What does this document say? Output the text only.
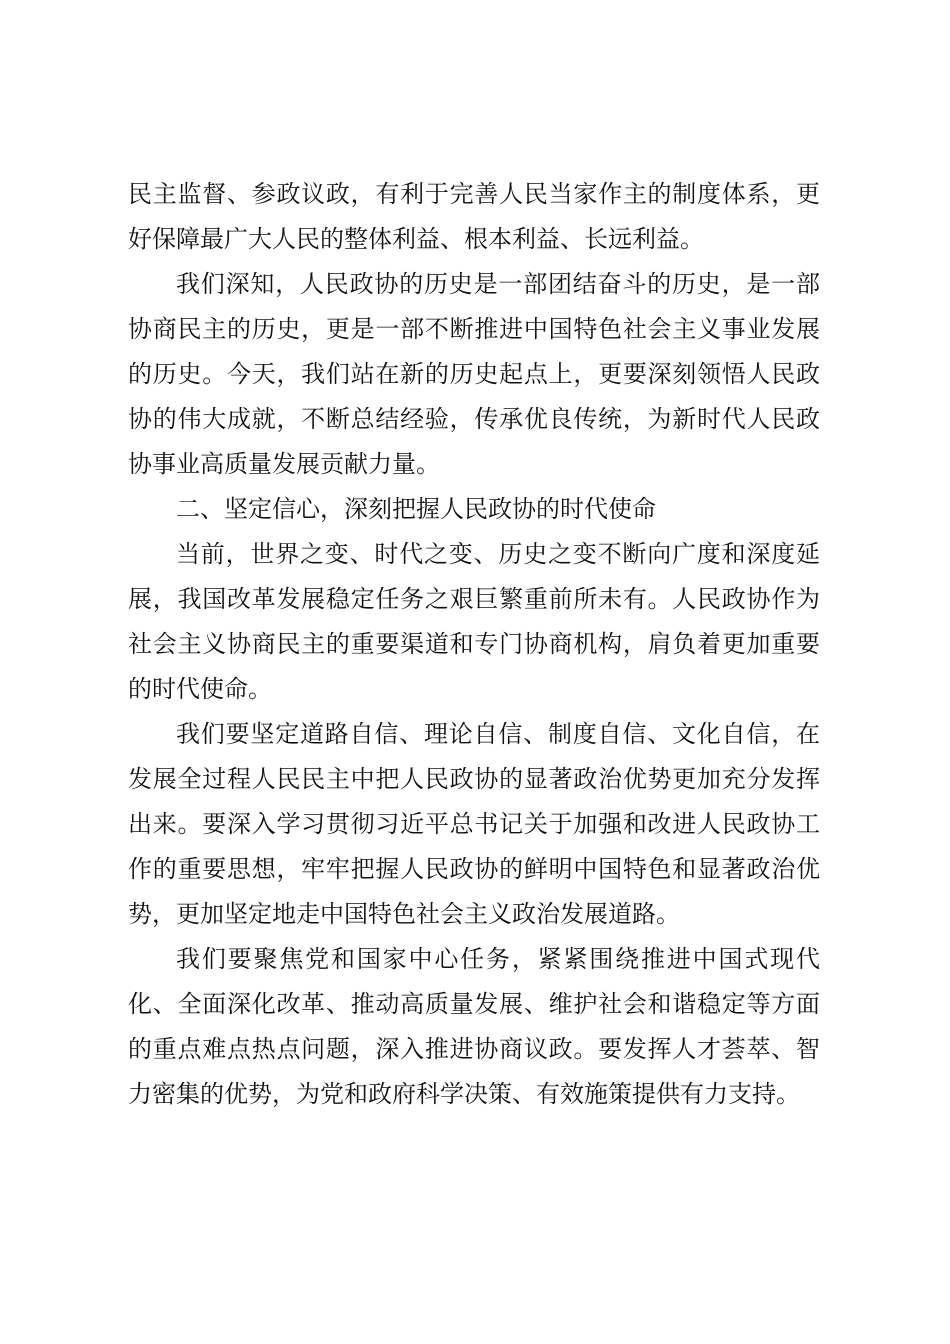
民主监督、参政议政，有利于完善人民当家作主的制度体系，更好保障最广大人民的整体利益、根本利益、长远利益。

我们深知，人民政协的历史是一部团结奋斗的历史，是一部协商民主的历史，更是一部不断推进中国特色社会主义事业发展的历史。今天，我们站在新的历史起点上，更要深刻领悟人民政协的伟大成就，不断总结经验，传承优良传统，为新时代人民政协事业高质量发展贡献力量。

二、坚定信心，深刻把握人民政协的时代使命

当前，世界之变、时代之变、历史之变不断向广度和深度延展，我国改革发展稳定任务之艰巨繁重前所未有。人民政协作为社会主义协商民主的重要渠道和专门协商机构，肩负着更加重要的时代使命。

我们要坚定道路自信、理论自信、制度自信、文化自信，在发展全过程人民民主中把人民政协的显著政治优势更加充分发挥出来。要深入学习贯彻习近平总书记关于加强和改进人民政协工作的重要思想，牢牢把握人民政协的鲜明中国特色和显著政治优势，更加坚定地走中国特色社会主义政治发展道路。

我们要聚焦党和国家中心任务，紧紧围绕推进中国式现代化、全面深化改革、推动高质量发展、维护社会和谐稳定等方面的重点难点热点问题，深入推进协商议政。要发挥人才荟萃、智力密集的优势，为党和政府科学决策、有效施策提供有力支持。
